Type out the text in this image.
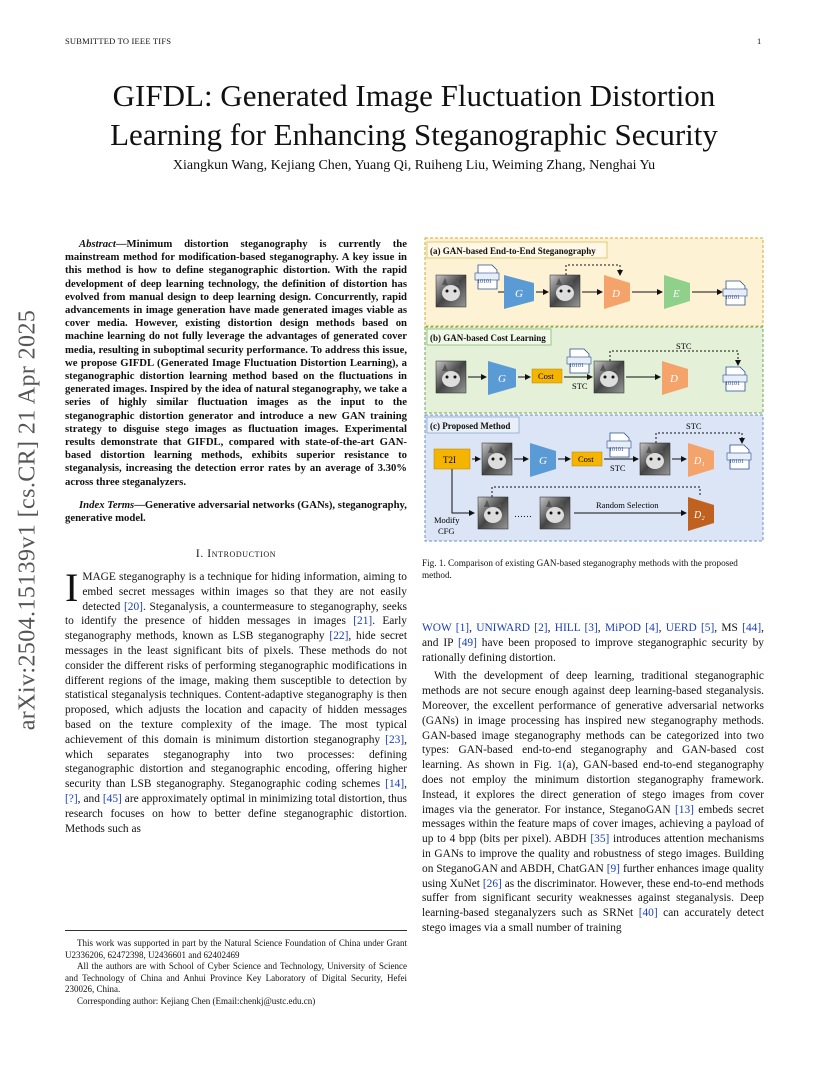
SUBMITTED TO IEEE TIFS	1
GIFDL: Generated Image Fluctuation Distortion
Learning for Enhancing Steganographic Security
Xiangkun Wang, Kejiang Chen, Yuang Qi, Ruiheng Liu, Weiming Zhang, Nenghai Yu
arXiv:2504.15139v1 [cs.CR] 21 Apr 2025
Abstract—Minimum distortion steganography is currently the mainstream method for modification-based steganography. A key issue in this method is how to define steganographic distortion. With the rapid development of deep learning technology, the definition of distortion has evolved from manual design to deep learning design. Concurrently, rapid advancements in image generation have made generated images viable as cover media. However, existing distortion design methods based on machine learning do not fully leverage the advantages of generated cover media, resulting in suboptimal security performance. To address this issue, we propose GIFDL (Generated Image Fluctuation Distortion Learning), a steganographic distortion learning method based on the fluctuations in generated images. Inspired by the idea of natural steganography, we take a series of highly similar fluctuation images as the input to the steganographic distortion generator and introduce a new GAN training strategy to disguise stego images as fluctuation images. Experimental results demonstrate that GIFDL, compared with state-of-the-art GAN-based distortion learning methods, exhibits superior resistance to steganalysis, increasing the detection error rates by an average of 3.30% across three steganalyzers.
Index Terms—Generative adversarial networks (GANs), steganography, generative model.
I. Introduction
IMAGE steganography is a technique for hiding information, aiming to embed secret messages within images so that they are not easily detected [20]. Steganalysis, a countermeasure to steganography, seeks to identify the presence of hidden messages in images [21]. Early steganography methods, known as LSB steganography [22], hide secret messages in the least significant bits of pixels. These methods do not consider the different risks of performing steganographic modifications in different regions of the image, making them susceptible to detection by statistical steganalysis techniques. Content-adaptive steganography is then proposed, which adjusts the location and capacity of hidden messages based on the texture complexity of the image. The most typical achievement of this domain is minimum distortion steganography [23], which separates steganography into two processes: defining steganographic distortion and steganographic encoding, offering higher security than LSB steganography. Steganographic coding schemes [14], [?], and [45] are approximately optimal in minimizing total distortion, thus research focuses on how to better define steganographic distortion. Methods such as
This work was supported in part by the Natural Science Foundation of China under Grant U2336206, 62472398, U2436601 and 62402469
All the authors are with School of Cyber Science and Technology, University of Science and Technology of China and Anhui Province Key Laboratory of Digital Security, Hefei 230026, China.
Corresponding author: Kejiang Chen (Email:chenkj@ustc.edu.cn)
(a) GAN-based End-to-End Steganography
10101
G	D	E	10101
(b) GAN-based Cost Learning
STC
G	Cost
10101
STC
D	10101
(c) Proposed Method	STC
T2I	G	Cost
10101
STC
D₁	10101
Modify
CFG
……
Random Selection
D₂
Fig. 1. Comparison of existing GAN-based steganography methods with the proposed method.
WOW [1], UNIWARD [2], HILL [3], MiPOD [4], UERD [5], MS [44], and IP [49] have been proposed to improve steganographic security by rationally defining distortion.
With the development of deep learning, traditional steganographic methods are not secure enough against deep learning-based steganalysis. Moreover, the excellent performance of generative adversarial networks (GANs) in image processing has inspired new steganography methods. GAN-based image steganography methods can be categorized into two types: GAN-based end-to-end steganography and GAN-based cost learning. As shown in Fig. 1(a), GAN-based end-to-end steganography does not employ the minimum distortion steganography framework. Instead, it explores the direct generation of stego images from cover images via the generator. For instance, SteganoGAN [13] embeds secret messages within the feature maps of cover images, achieving a payload of up to 4 bpp (bits per pixel). ABDH [35] introduces attention mechanisms in GANs to improve the quality and robustness of stego images. Building on SteganoGAN and ABDH, ChatGAN [9] further enhances image quality using XuNet [26] as the discriminator. However, these end-to-end methods suffer from significant security weaknesses against steganalysis. Deep learning-based steganalyzers such as SRNet [40] can accurately detect stego images via a small number of training
